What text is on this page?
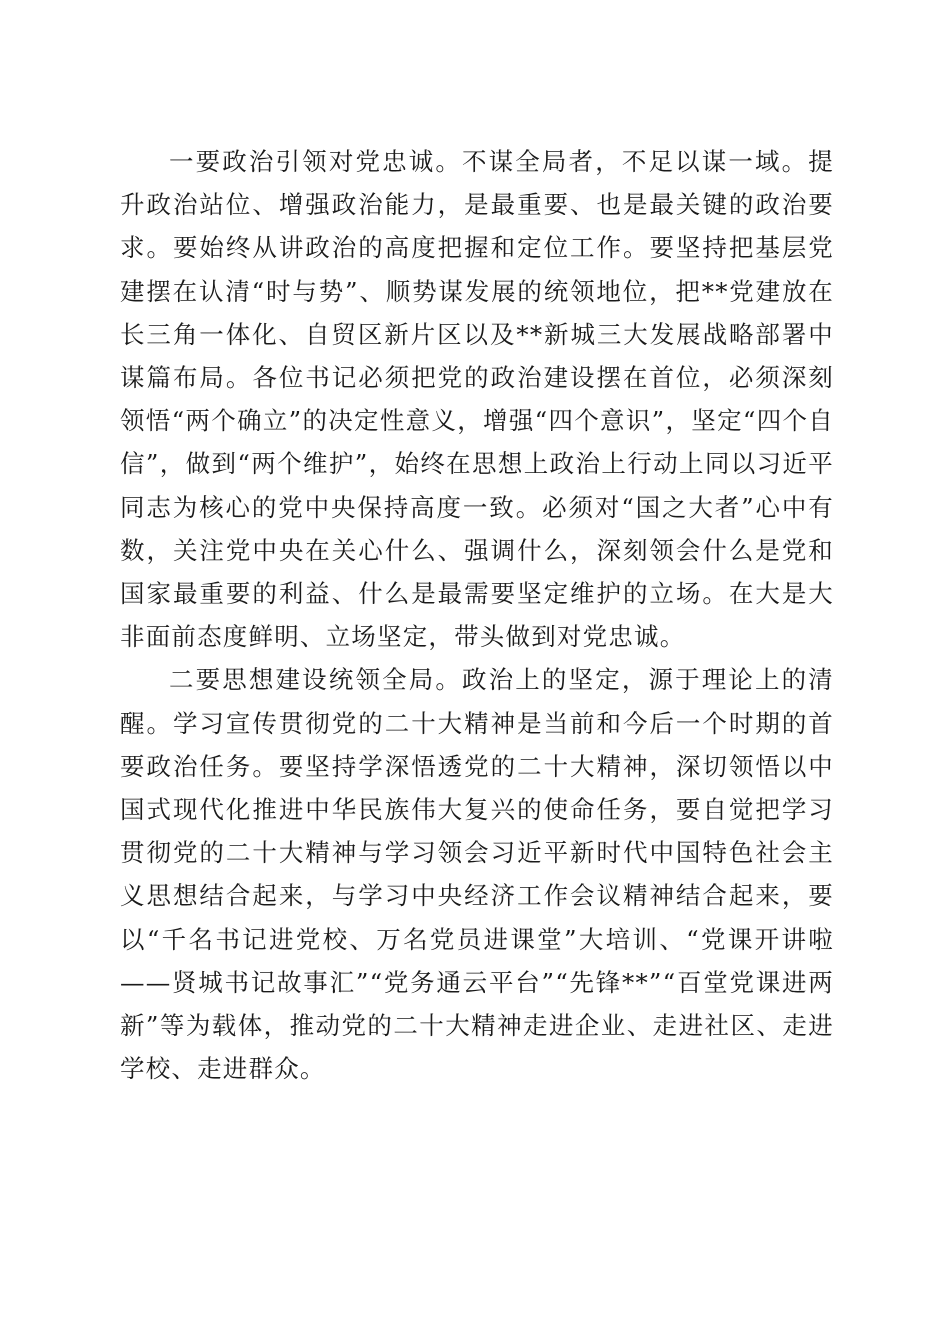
一要政治引领对党忠诚。不谋全局者，不足以谋一域。提升政治站位、增强政治能力，是最重要、也是最关键的政治要求。要始终从讲政治的高度把握和定位工作。要坚持把基层党建摆在认清“时与势”、顺势谋发展的统领地位，把**党建放在长三角一体化、自贸区新片区以及**新城三大发展战略部署中谋篇布局。各位书记必须把党的政治建设摆在首位，必须深刻领悟“两个确立”的决定性意义，增强“四个意识”，坚定“四个自信”，做到“两个维护”，始终在思想上政治上行动上同以习近平同志为核心的党中央保持高度一致。必须对“国之大者”心中有数，关注党中央在关心什么、强调什么，深刻领会什么是党和国家最重要的利益、什么是最需要坚定维护的立场。在大是大非面前态度鲜明、立场坚定，带头做到对党忠诚。

二要思想建设统领全局。政治上的坚定，源于理论上的清醒。学习宣传贯彻党的二十大精神是当前和今后一个时期的首要政治任务。要坚持学深悟透党的二十大精神，深切领悟以中国式现代化推进中华民族伟大复兴的使命任务，要自觉把学习贯彻党的二十大精神与学习领会习近平新时代中国特色社会主义思想结合起来，与学习中央经济工作会议精神结合起来，要以“千名书记进党校、万名党员进课堂”大培训、“党课开讲啦——贤城书记故事汇”“党务通云平台”“先锋**”“百堂党课进两新”等为载体，推动党的二十大精神走进企业、走进社区、走进学校、走进群众。
